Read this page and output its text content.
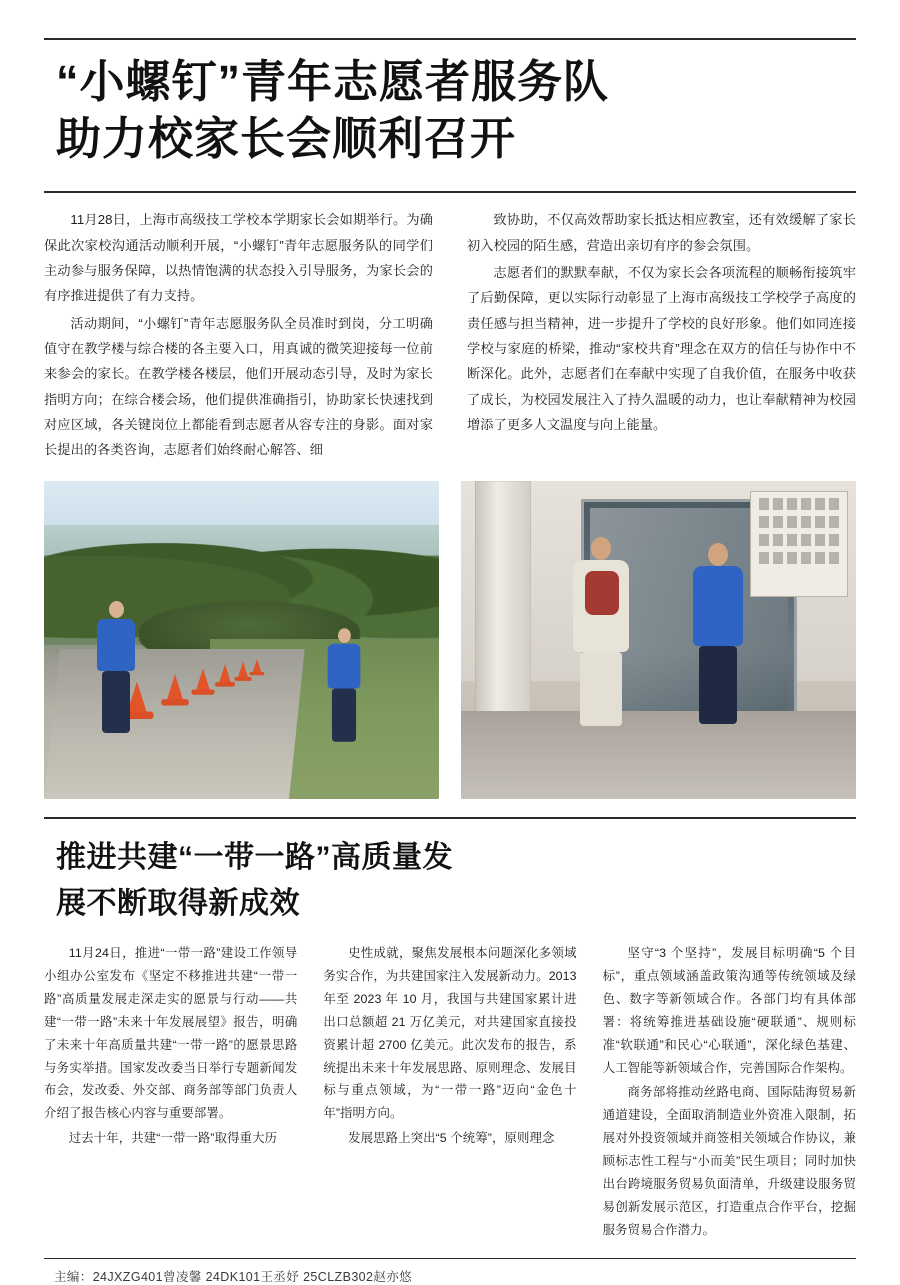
“小螺钉”青年志愿者服务队
助力校家长会顺利召开

11月28日，上海市高级技工学校本学期家长会如期举行。为确保此次家校沟通活动顺利开展，“小螺钉”青年志愿服务队的同学们主动参与服务保障，以热情饱满的状态投入引导服务，为家长会的有序推进提供了有力支持。

活动期间，“小螺钉”青年志愿服务队全员准时到岗，分工明确值守在教学楼与综合楼的各主要入口，用真诚的微笑迎接每一位前来参会的家长。在教学楼各楼层，他们开展动态引导，及时为家长指明方向；在综合楼会场，他们提供准确指引，协助家长快速找到对应区域，各关键岗位上都能看到志愿者从容专注的身影。面对家长提出的各类咨询，志愿者们始终耐心解答、细

致协助，不仅高效帮助家长抵达相应教室，还有效缓解了家长初入校园的陌生感，营造出亲切有序的参会氛围。

志愿者们的默默奉献，不仅为家长会各项流程的顺畅衔接筑牢了后勤保障，更以实际行动彰显了上海市高级技工学校学子高度的责任感与担当精神，进一步提升了学校的良好形象。他们如同连接学校与家庭的桥梁，推动“家校共育”理念在双方的信任与协作中不断深化。此外，志愿者们在奉献中实现了自我价值，在服务中收获了成长，为校园发展注入了持久温暖的动力，也让奉献精神为校园增添了更多人文温度与向上能量。

推进共建“一带一路”高质量发
展不断取得新成效

11月24日，推进“一带一路”建设工作领导小组办公室发布《坚定不移推进共建“一带一路”高质量发展走深走实的愿景与行动——共建“一带一路”未来十年发展展望》报告，明确了未来十年高质量共建“一带一路”的愿景思路与务实举措。国家发改委当日举行专题新闻发布会，发改委、外交部、商务部等部门负责人介绍了报告核心内容与重要部署。

过去十年，共建“一带一路”取得重大历

史性成就，聚焦发展根本问题深化多领域务实合作，为共建国家注入发展新动力。2013 年至 2023 年 10 月，我国与共建国家累计进出口总额超 21 万亿美元，对共建国家直接投资累计超 2700 亿美元。此次发布的报告，系统提出未来十年发展思路、原则理念、发展目标与重点领域，为“一带一路”迈向“金色十年”指明方向。

发展思路上突出“5 个统筹”，原则理念

坚守“3 个坚持”，发展目标明确“5 个目标”，重点领域涵盖政策沟通等传统领域及绿色、数字等新领域合作。各部门均有具体部署：将统筹推进基础设施“硬联通”、规则标准“软联通”和民心“心联通”，深化绿色基建、人工智能等新领域合作，完善国际合作架构。

商务部将推动丝路电商、国际陆海贸易新通道建设，全面取消制造业外资准入限制，拓展对外投资领域并商签相关领域合作协议，兼顾标志性工程与“小而美”民生项目；同时加快出台跨境服务贸易负面清单，升级建设服务贸易创新发展示范区，打造重点合作平台，挖掘服务贸易合作潜力。

主编：24JXZG401曾凌馨 24DK101王丞妤 25CLZB302赵亦悠
